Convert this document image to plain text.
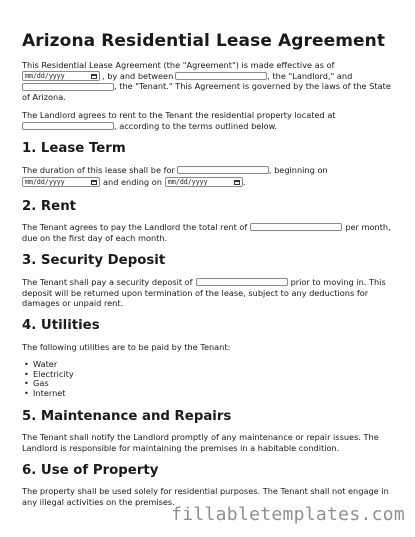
Arizona Residential Lease Agreement
This Residential Lease Agreement (the "Agreement") is made effective as of
mm/dd/yyyy	, by and between	, the "Landlord," and
, the "Tenant." This Agreement is governed by the laws of the State
of Arizona.
The Landlord agrees to rent to the Tenant the residential property located at
, according to the terms outlined below.
1. Lease Term
The duration of this lease shall be for	, beginning on
mm/dd/yyyy	and ending on mm/dd/yyyy	.
2. Rent
The Tenant agrees to pay the Landlord the total rent of	per month,
due on the first day of each month.
3. Security Deposit
The Tenant shall pay a security deposit of	prior to moving in. This
deposit will be returned upon termination of the lease, subject to any deductions for
damages or unpaid rent.
4. Utilities
The following utilities are to be paid by the Tenant:
• Water
• Electricity
• Gas
• Internet
5. Maintenance and Repairs
The Tenant shall notify the Landlord promptly of any maintenance or repair issues. The
Landlord is responsible for maintaining the premises in a habitable condition.
6. Use of Property
The property shall be used solely for residential purposes. The Tenant shall not engage in
any illegal activities on the premises.
fillabletemplates.com
